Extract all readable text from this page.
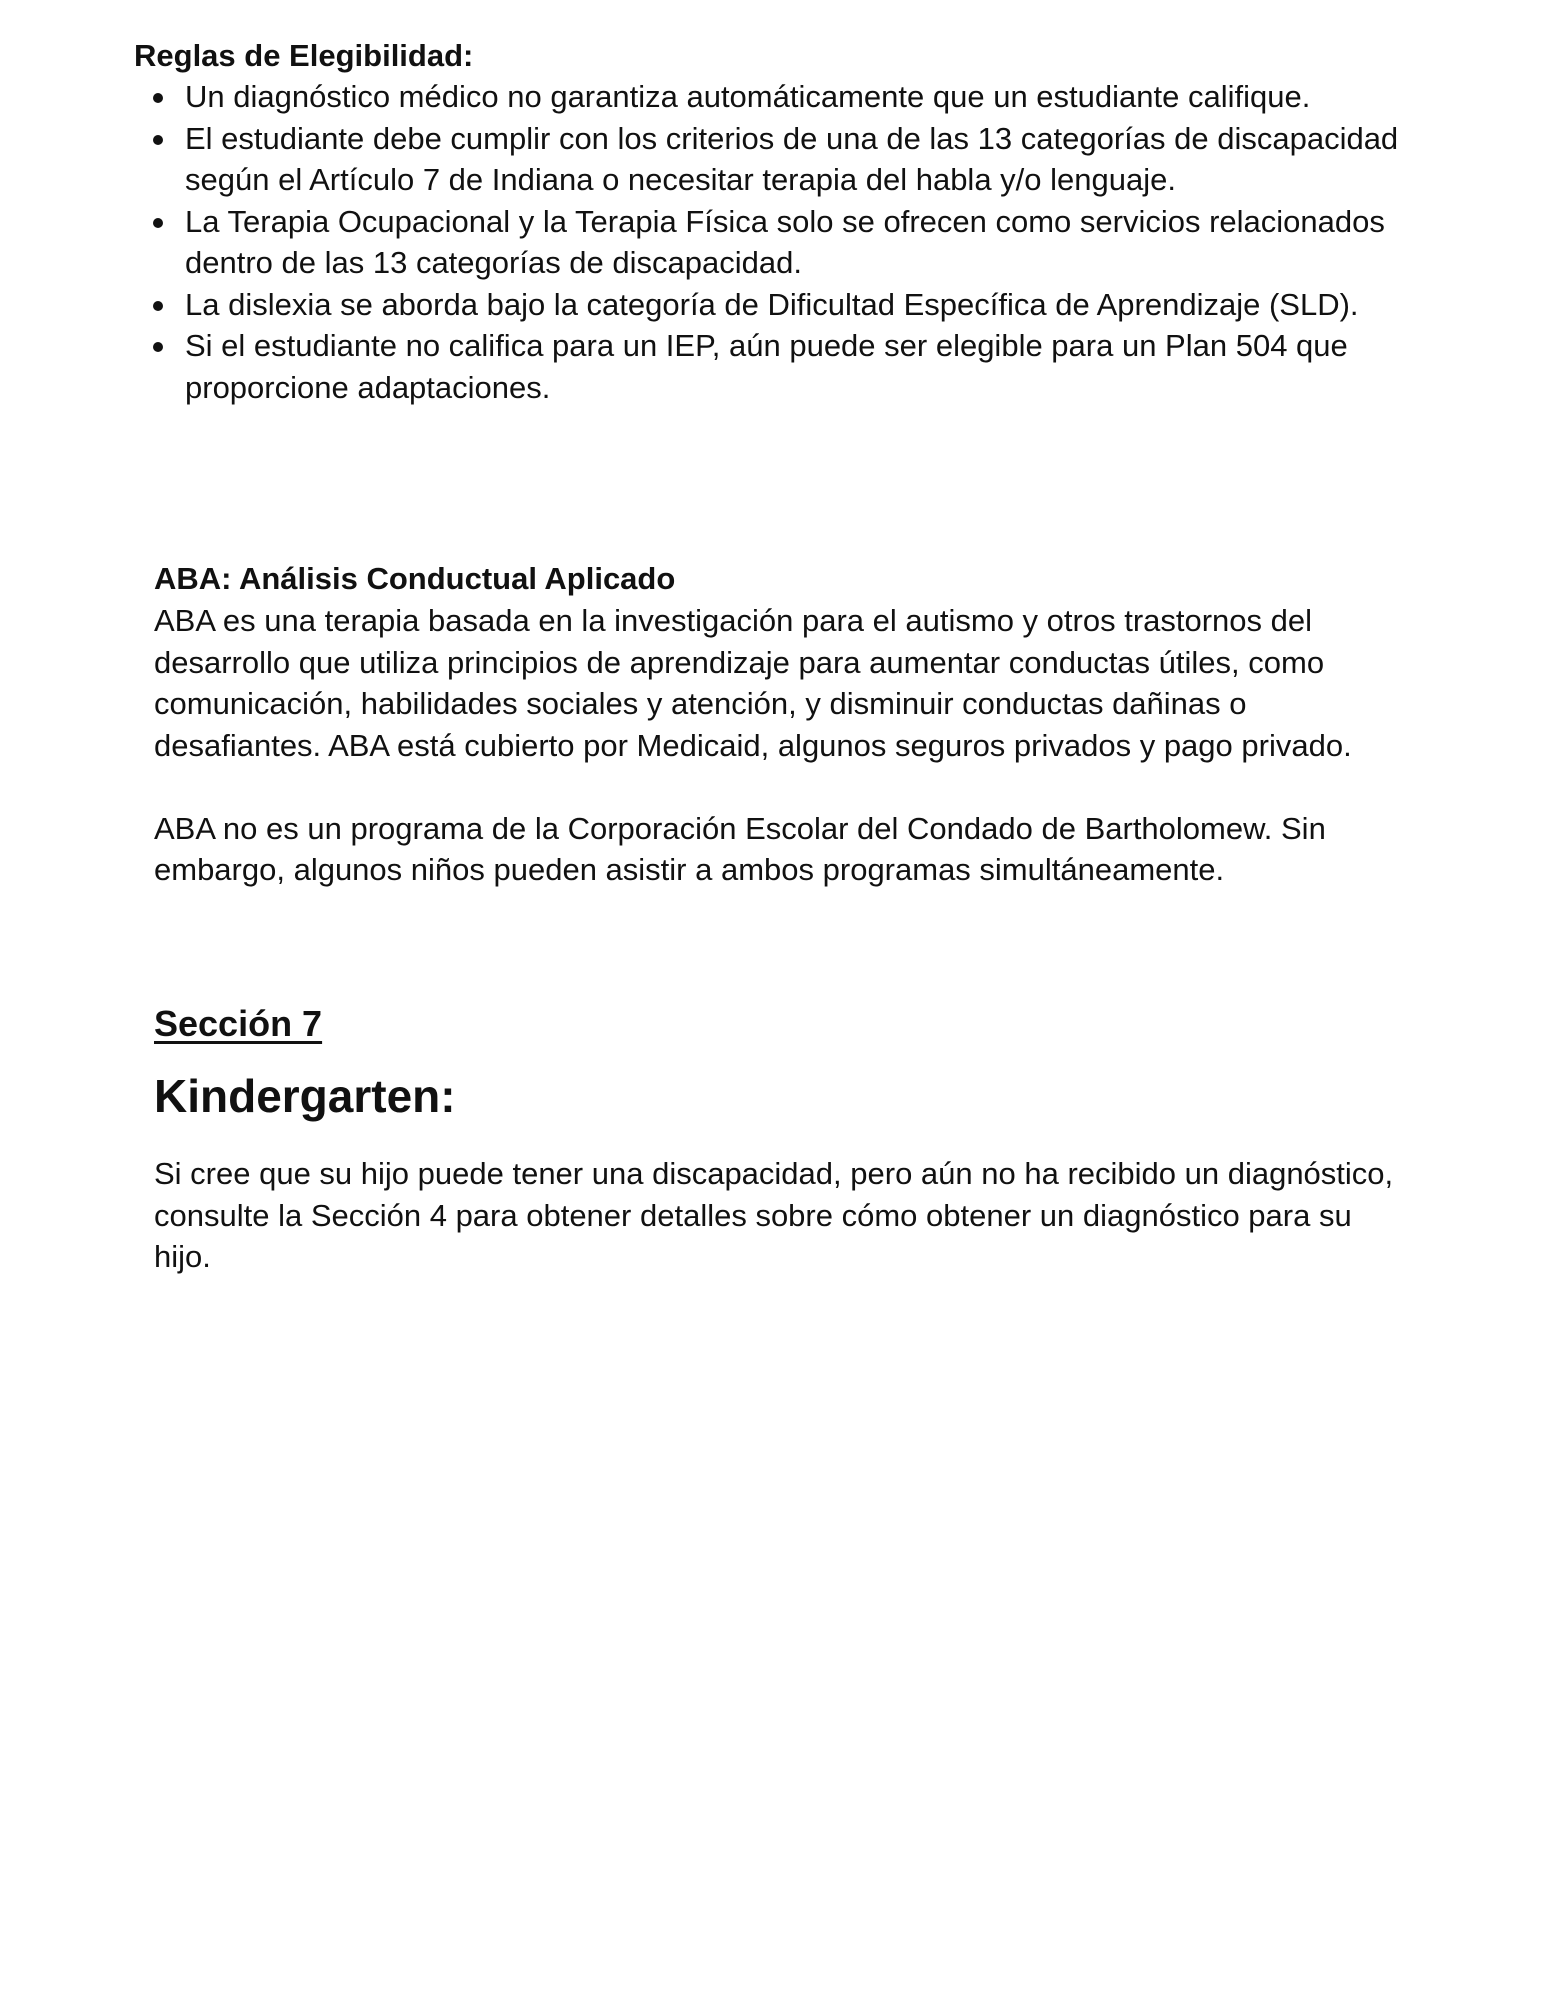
Reglas de Elegibilidad:

Un diagnóstico médico no garantiza automáticamente que un estudiante califique.
El estudiante debe cumplir con los criterios de una de las 13 categorías de discapacidad según el Artículo 7 de Indiana o necesitar terapia del habla y/o lenguaje.
La Terapia Ocupacional y la Terapia Física solo se ofrecen como servicios relacionados dentro de las 13 categorías de discapacidad.
La dislexia se aborda bajo la categoría de Dificultad Específica de Aprendizaje (SLD).
Si el estudiante no califica para un IEP, aún puede ser elegible para un Plan 504 que proporcione adaptaciones.

ABA: Análisis Conductual Aplicado

ABA es una terapia basada en la investigación para el autismo y otros trastornos del desarrollo que utiliza principios de aprendizaje para aumentar conductas útiles, como comunicación, habilidades sociales y atención, y disminuir conductas dañinas o desafiantes. ABA está cubierto por Medicaid, algunos seguros privados y pago privado.

ABA no es un programa de la Corporación Escolar del Condado de Bartholomew. Sin embargo, algunos niños pueden asistir a ambos programas simultáneamente.

Sección 7

Kindergarten:

Si cree que su hijo puede tener una discapacidad, pero aún no ha recibido un diagnóstico, consulte la Sección 4 para obtener detalles sobre cómo obtener un diagnóstico para su hijo.
